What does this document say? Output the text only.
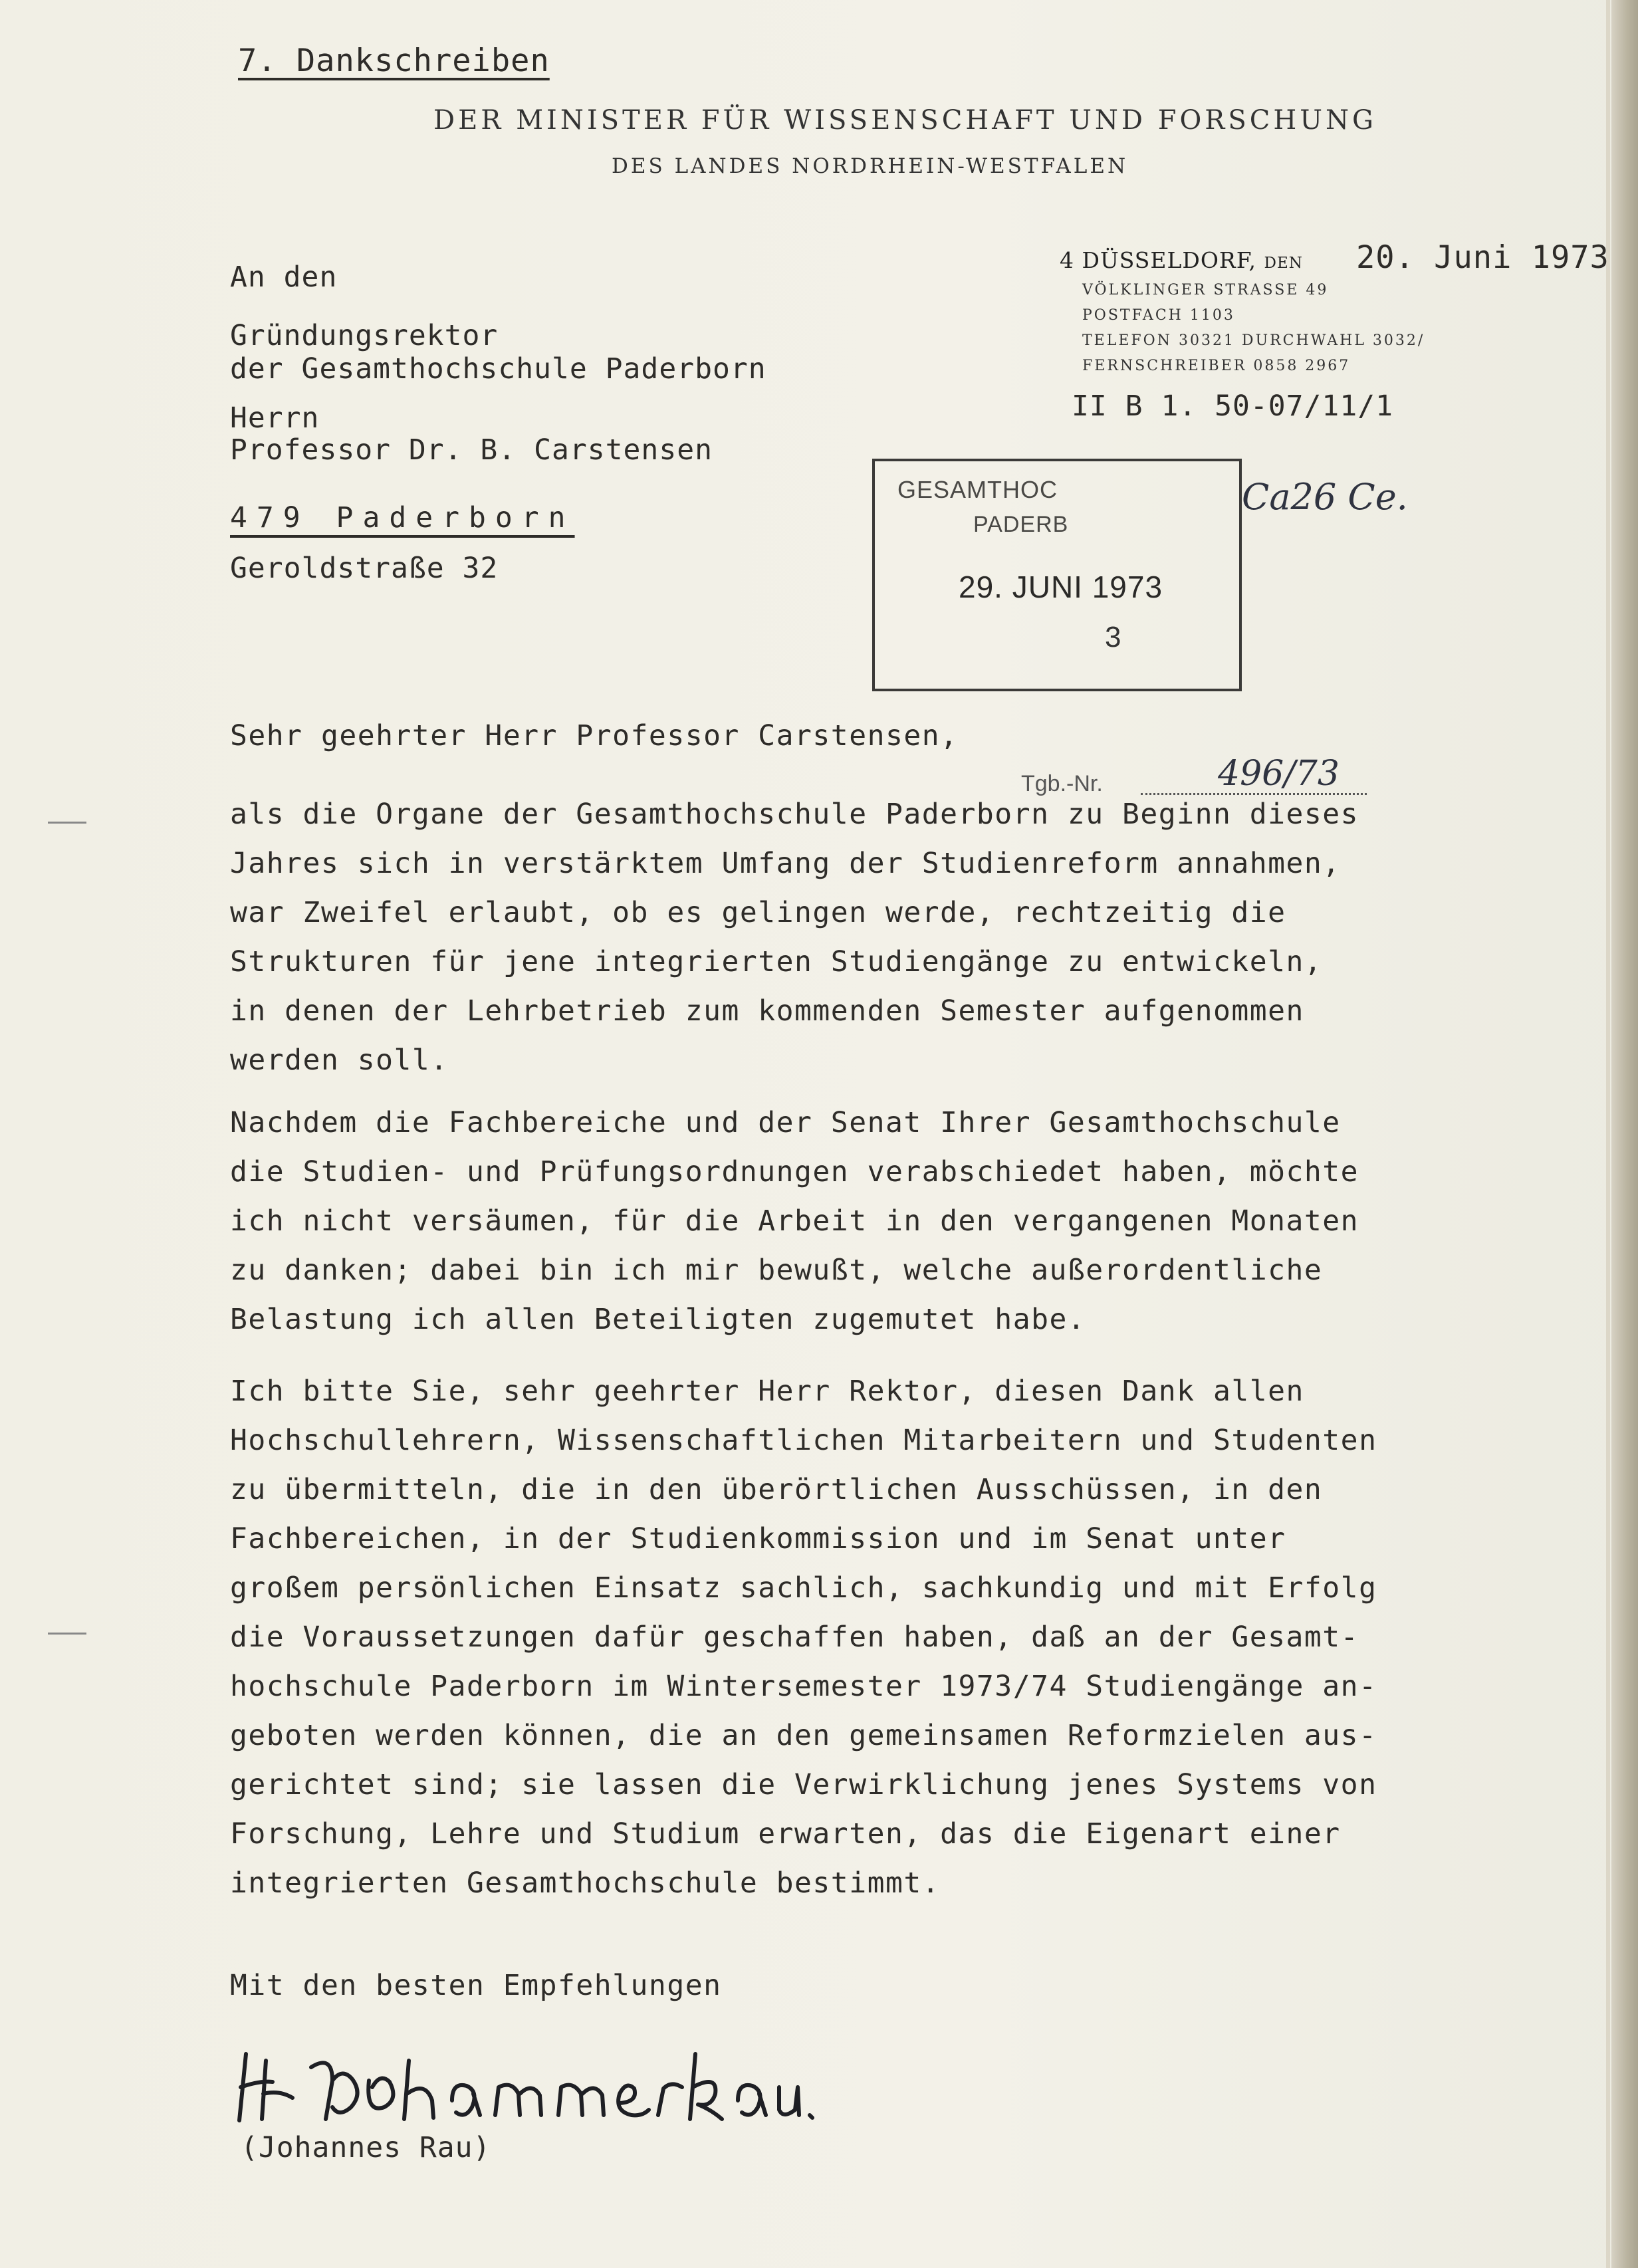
7. Dankschreiben
DER MINISTER FÜR WISSENSCHAFT UND FORSCHUNG
DES LANDES NORDRHEIN-WESTFALEN
4 DÜSSELDORF, DEN 20. Juni 1973
VÖLKLINGER STRASSE 49
POSTFACH 1103
TELEFON 30321 DURCHWAHL 3032/
FERNSCHREIBER 0858 2967
II B 1. 50-07/11/1
An den
Gründungsrektor
der Gesamthochschule Paderborn
Herrn
Professor Dr. B. Carstensen
479 Paderborn
Geroldstraße 32
GESAMTHOC
PADERB
29. JUNI 1973
3
Ca26 Ce.
Tgb.-Nr.	496/73
Sehr geehrter Herr Professor Carstensen,
als die Organe der Gesamthochschule Paderborn zu Beginn dieses
Jahres sich in verstärktem Umfang der Studienreform annahmen,
war Zweifel erlaubt, ob es gelingen werde, rechtzeitig die
Strukturen für jene integrierten Studiengänge zu entwickeln,
in denen der Lehrbetrieb zum kommenden Semester aufgenommen
werden soll.
Nachdem die Fachbereiche und der Senat Ihrer Gesamthochschule
die Studien- und Prüfungsordnungen verabschiedet haben, möchte
ich nicht versäumen, für die Arbeit in den vergangenen Monaten
zu danken; dabei bin ich mir bewußt, welche außerordentliche
Belastung ich allen Beteiligten zugemutet habe.
Ich bitte Sie, sehr geehrter Herr Rektor, diesen Dank allen
Hochschullehrern, Wissenschaftlichen Mitarbeitern und Studenten
zu übermitteln, die in den überörtlichen Ausschüssen, in den
Fachbereichen, in der Studienkommission und im Senat unter
großem persönlichen Einsatz sachlich, sachkundig und mit Erfolg
die Voraussetzungen dafür geschaffen haben, daß an der Gesamt-
hochschule Paderborn im Wintersemester 1973/74 Studiengänge an-
geboten werden können, die an den gemeinsamen Reformzielen aus-
gerichtet sind; sie lassen die Verwirklichung jenes Systems von
Forschung, Lehre und Studium erwarten, das die Eigenart einer
integrierten Gesamthochschule bestimmt.
Mit den besten Empfehlungen
(Johannes Rau)
